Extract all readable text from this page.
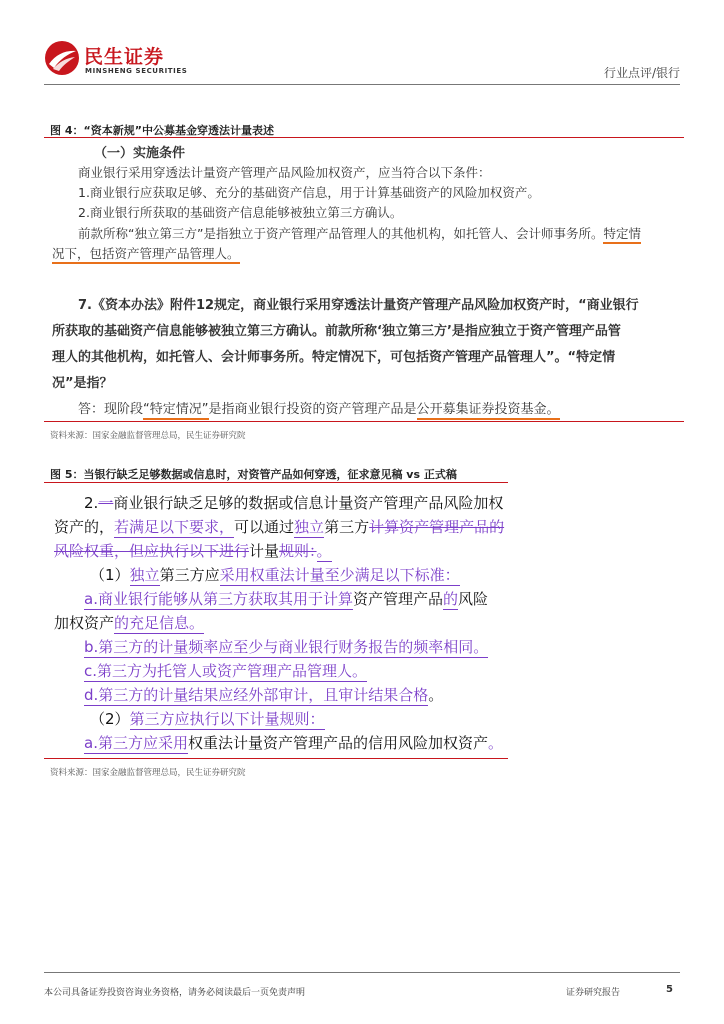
民生证券
MINSHENG SECURITIES	行业点评/银行
图 4：“资本新规”中公募基金穿透法计量表述
（一）实施条件
商业银行采用穿透法计量资产管理产品风险加权资产，应当符合以下条件：
1.商业银行应获取足够、充分的基础资产信息，用于计算基础资产的风险加权资产。
2.商业银行所获取的基础资产信息能够被独立第三方确认。
前款所称“独立第三方”是指独立于资产管理产品管理人的其他机构，如托管人、会计师事务所。特定情
况下，包括资产管理产品管理人。
7.《资本办法》附件12规定，商业银行采用穿透法计量资产管理产品风险加权资产时，“商业银行
所获取的基础资产信息能够被独立第三方确认。前款所称‘独立第三方’是指应独立于资产管理产品管
理人的其他机构，如托管人、会计师事务所。特定情况下，可包括资产管理产品管理人”。“特定情
况”是指？
答：现阶段“特定情况”是指商业银行投资的资产管理产品是公开募集证券投资基金。
资料来源：国家金融监督管理总局，民生证券研究院
图 5：当银行缺乏足够数据或信息时，对资管产品如何穿透，征求意见稿 vs 正式稿
2.一商业银行缺乏足够的数据或信息计量资产管理产品风险加权
资产的，若满足以下要求，可以通过独立第三方计算资产管理产品的
风险权重，但应执行以下进行计量规则：。
（1）独立第三方应采用权重法计量至少满足以下标准：
a.商业银行能够从第三方获取其用于计算资产管理产品的风险
加权资产的充足信息。
b.第三方的计量频率应至少与商业银行财务报告的频率相同。
c.第三方为托管人或资产管理产品管理人。
d.第三方的计量结果应经外部审计，且审计结果合格。
（2）第三方应执行以下计量规则：
a.第三方应采用权重法计量资产管理产品的信用风险加权资产。
资料来源：国家金融监督管理总局，民生证券研究院
本公司具备证券投资咨询业务资格，请务必阅读最后一页免责声明	证券研究报告	5
